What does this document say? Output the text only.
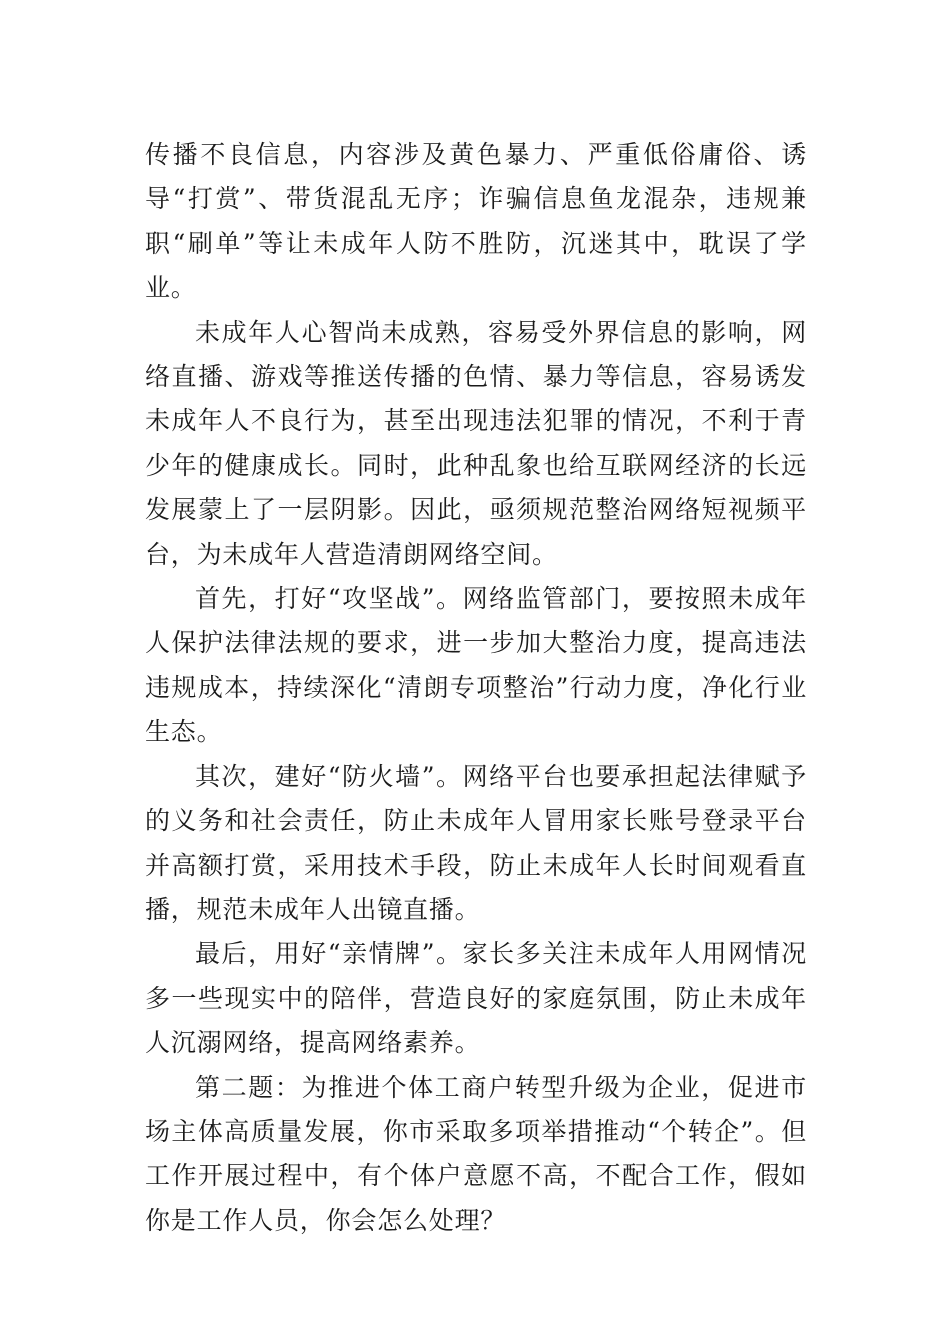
传播不良信息，内容涉及黄色暴力、严重低俗庸俗、诱导“打赏”、带货混乱无序；诈骗信息鱼龙混杂，违规兼职“刷单”等让未成年人防不胜防，沉迷其中，耽误了学业。

未成年人心智尚未成熟，容易受外界信息的影响，网络直播、游戏等推送传播的色情、暴力等信息，容易诱发未成年人不良行为，甚至出现违法犯罪的情况，不利于青少年的健康成长。同时，此种乱象也给互联网经济的长远发展蒙上了一层阴影。因此，亟须规范整治网络短视频平台，为未成年人营造清朗网络空间。

首先，打好“攻坚战”。网络监管部门，要按照未成年人保护法律法规的要求，进一步加大整治力度，提高违法违规成本，持续深化“清朗专项整治”行动力度，净化行业生态。

其次，建好“防火墙”。网络平台也要承担起法律赋予的义务和社会责任，防止未成年人冒用家长账号登录平台并高额打赏，采用技术手段，防止未成年人长时间观看直播，规范未成年人出镜直播。

最后，用好“亲情牌”。家长多关注未成年人用网情况多一些现实中的陪伴，营造良好的家庭氛围，防止未成年人沉溺网络，提高网络素养。

第二题：为推进个体工商户转型升级为企业，促进市场主体高质量发展，你市采取多项举措推动“个转企”。但工作开展过程中，有个体户意愿不高，不配合工作，假如你是工作人员，你会怎么处理？
